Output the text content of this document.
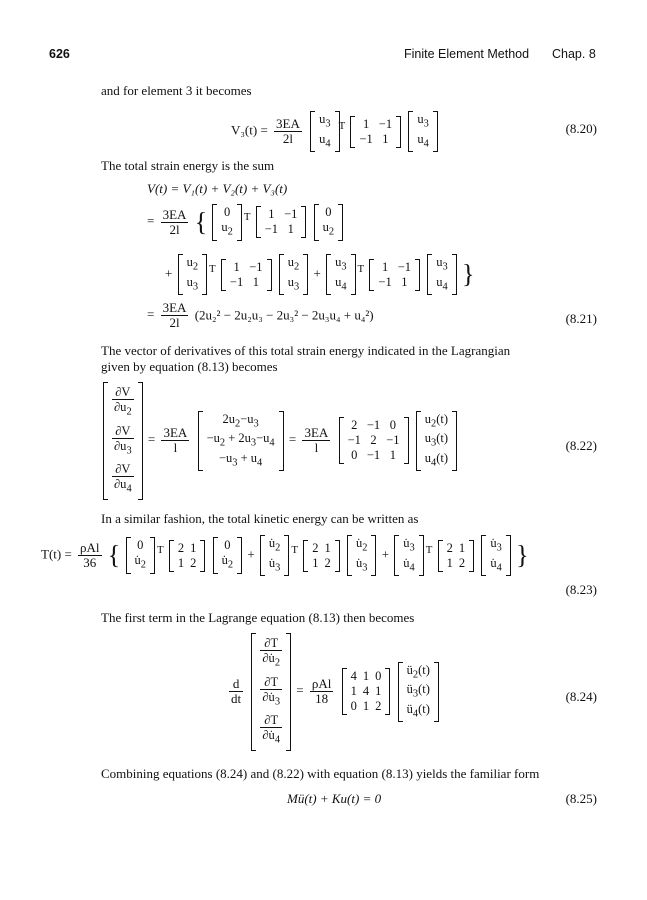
626	Finite Element Method Chap. 8
and for element 3 it becomes
$V_3(t) = \frac{3EA}{2l}$
$u_3$
$u_4$
$^T$	1 −1
−1 1

$u_3$
$u_4$
(8.20)
The total strain energy is the sum
V(t) = V₁(t) + V₂(t) + V₃(t)
= $\frac{3EA}{2l}$ {	0
$u_2$
$^T$	1 −1
−1 1

0
$u_2$
+
$u_2$
$u_3$
$^T$	1 −1
−1 1

$u_2$
$u_3$
+
$u_3$
$u_4$
$^T$	1 −1
−1 1

$u_3$
$u_4$ }
= $\frac{3EA}{2l} (2u_2^2 - 2u_2u_3 - 2u_3^2 - 2u_3u_4 + u_4^2)$	(8.21)
The vector of derivatives of this total strain energy indicated in the Lagrangian
given by equation (8.13) becomes
$\frac{\partial V}{\partial u_2}$
$\frac{\partial V}{\partial u_3}$
$\frac{\partial V}{\partial u_4}$
= $\frac{3EA}{l}$

$2u_2-u_3$
$-u_2 + 2u_3-u_4$
$-u_3 + u_4$
= $\frac{3EA}{l}$

2 −1 0
−1 2 −1
0 −1 1

$u_2(t)$
$u_3(t)$
$u_4(t)$
(8.22)
In a similar fashion, the total kinetic energy can be written as
$T(t) = \frac{\text{ρAl}}{36}$ {	0
$u̇_2$
$^T$ 2 1
1 2

0
$u̇_2$
+
$u̇_2$
$u̇_3$
$^T$ 2 1
1 2

$u̇_2$
$u̇_3$
+
$u̇_3$
$u̇_4$
$^T$ 2 1
1 2

$u̇_3$
$u̇_4$ }
(8.23)
The first term in the Lagrange equation (8.13) then becomes
$\frac{d}{dt}$

$\frac{\partial T}{\partial u̇_2}$
$\frac{\partial T}{\partial u̇_3}$
$\frac{\partial T}{\partial u̇_4}$
= $\frac{\text{ρAl}}{18}$

4 1 0
1 4 1
0 1 2

$ü_2(t)$
$ü_3(t)$
$ü_4(t)$
(8.24)
Combining equations (8.24) and (8.22) with equation (8.13) yields the familiar form
Mü(t) + Ku(t) = 0	(8.25)
